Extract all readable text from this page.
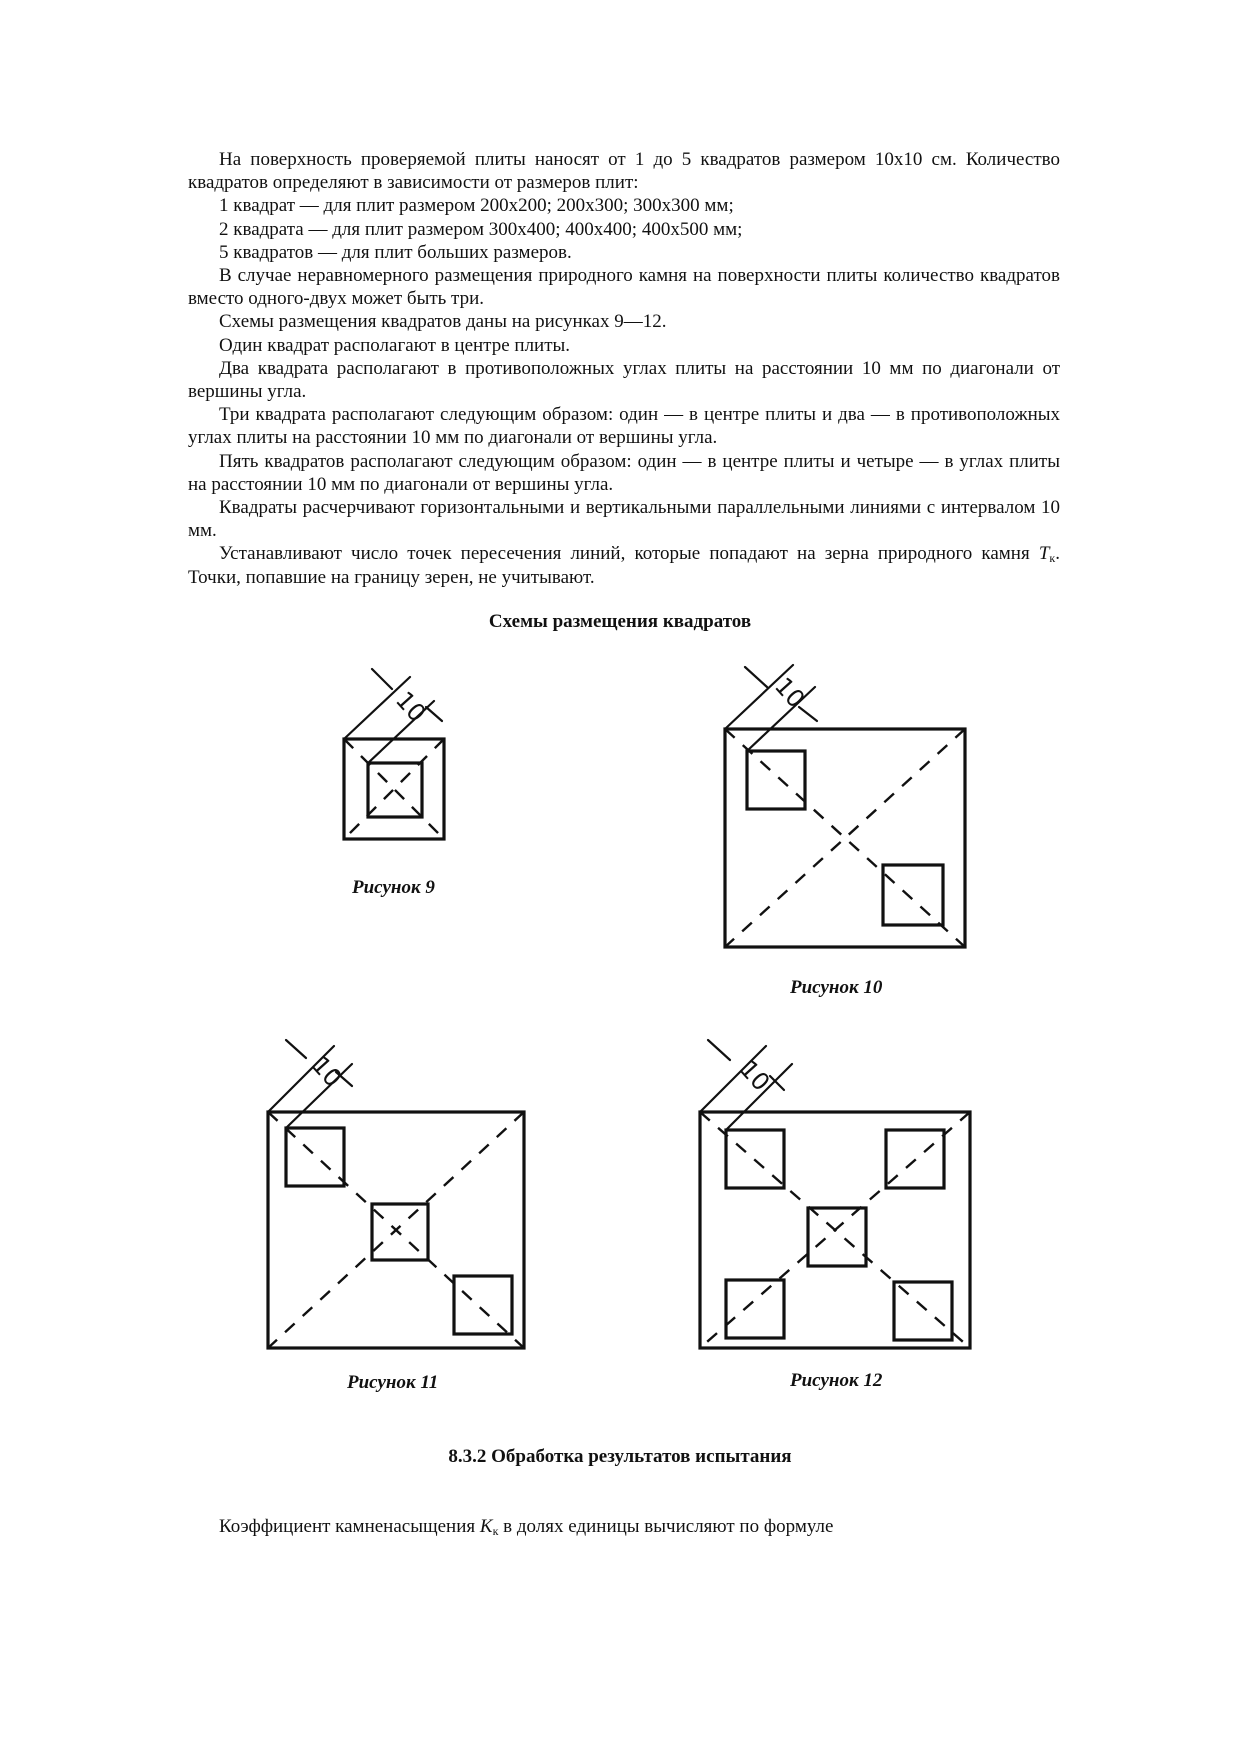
На поверхность проверяемой плиты наносят от 1 до 5 квадратов размером 10х10 см. Количество квадратов определяют в зависимости от размеров плит:

1 квадрат — для плит размером 200х200; 200х300; 300х300 мм;

2 квадрата — для плит размером 300х400; 400х400; 400х500 мм;

5 квадратов — для плит больших размеров.

В случае неравномерного размещения природного камня на поверхности плиты количество квадратов вместо одного-двух может быть три.

Схемы размещения квадратов даны на рисунках 9—12.

Один квадрат располагают в центре плиты.

Два квадрата располагают в противоположных углах плиты на расстоянии 10 мм по диагонали от вершины угла.

Три квадрата располагают следующим образом: один — в центре плиты и два — в противоположных углах плиты на расстоянии 10 мм по диагонали от вершины угла.

Пять квадратов располагают следующим образом: один — в центре плиты и четыре — в углах плиты на расстоянии 10 мм по диагонали от вершины угла.

Квадраты расчерчивают горизонтальными и вертикальными параллельными линиями с интервалом 10 мм.

Устанавливают число точек пересечения линий, которые попадают на зерна природного камня $T_к$. Точки, попавшие на границу зерен, не учитывают.

Схемы размещения квадратов
10
Рисунок 9
10
Рисунок 10
10
Рисунок 11
10
Рисунок 12
8.3.2 Обработка результатов испытания
Коэффициент камненасыщения $K_к$ в долях единицы вычисляют по формуле
